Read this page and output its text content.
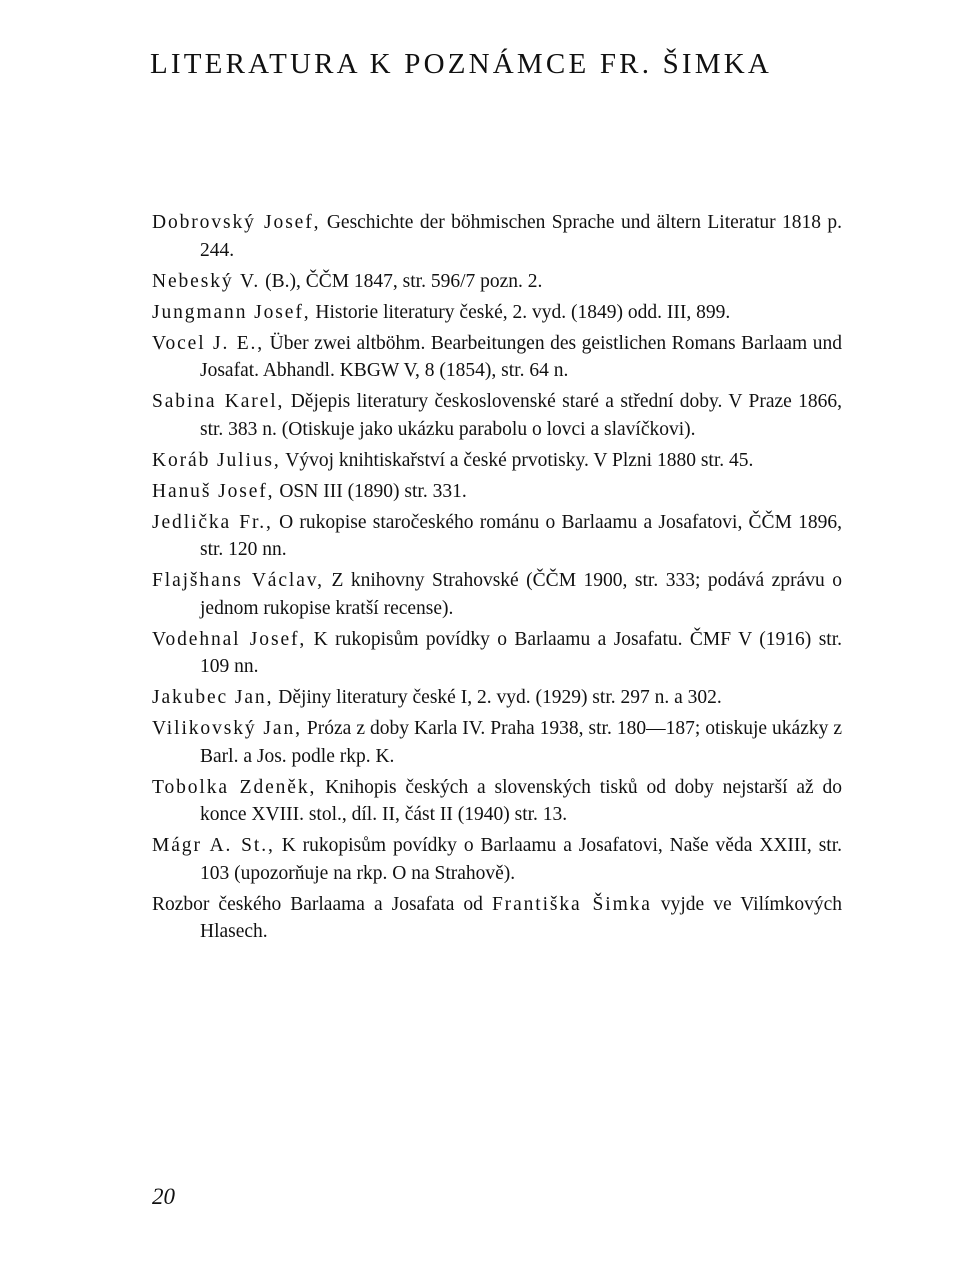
LITERATURA K POZNÁMCE FR. ŠIMKA
Dobrovský Josef, Geschichte der böhmischen Sprache und ältern Literatur 1818 p. 244.
Nebeský V. (B.), ČČM 1847, str. 596/7 pozn. 2.
Jungmann Josef, Historie literatury české, 2. vyd. (1849) odd. III, 899.
Vocel J. E., Über zwei altböhm. Bearbeitungen des geistlichen Romans Barlaam und Josafat. Abhandl. KBGW V, 8 (1854), str. 64 n.
Sabina Karel, Dějepis literatury československé staré a střední doby. V Praze 1866, str. 383 n. (Otiskuje jako ukázku parabolu o lovci a slavíčkovi).
Koráb Julius, Vývoj knihtiskařství a české prvotisky. V Plzni 1880 str. 45.
Hanuš Josef, OSN III (1890) str. 331.
Jedlička Fr., O rukopise staročeského románu o Barlaamu a Josafatovi, ČČM 1896, str. 120 nn.
Flajšhans Václav, Z knihovny Strahovské (ČČM 1900, str. 333; podává zprávu o jednom rukopise kratší recense).
Vodehnal Josef, K rukopisům povídky o Barlaamu a Josafatu. ČMF V (1916) str. 109 nn.
Jakubec Jan, Dějiny literatury české I, 2. vyd. (1929) str. 297 n. a 302.
Vilikovský Jan, Próza z doby Karla IV. Praha 1938, str. 180—187; otiskuje ukázky z Barl. a Jos. podle rkp. K.
Tobolka Zdeněk, Knihopis českých a slovenských tisků od doby nejstarší až do konce XVIII. stol., díl. II, část II (1940) str. 13.
Mágr A. St., K rukopisům povídky o Barlaamu a Josafatovi, Naše věda XXIII, str. 103 (upozorňuje na rkp. O na Strahově).
Rozbor českého Barlaama a Josafata od Františka Šimka vyjde ve Vilímkových Hlasech.
20
